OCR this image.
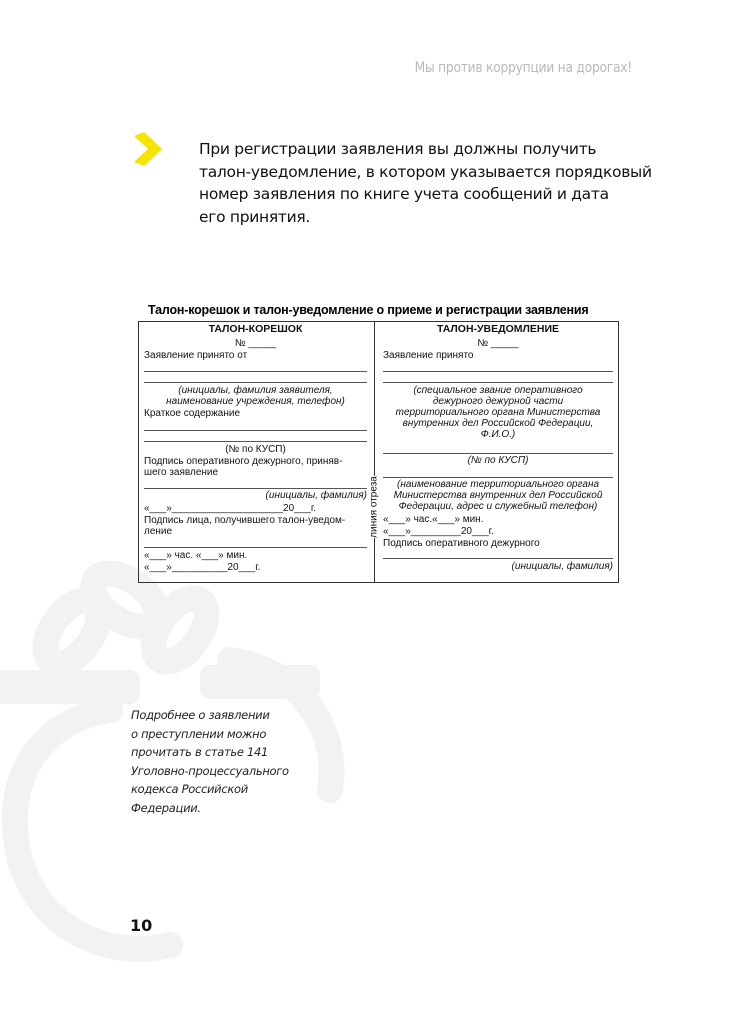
Мы против коррупции на дорогах!

При регистрации заявления вы должны получить
талон-уведомление, в котором указывается порядковый
номер заявления по книге учета сообщений и дата
его принятия.

Талон-корешок и талон-уведомление о приеме и регистрации заявления
линия отреза
ТАЛОН-КОРЕШОК
№ _____
Заявление принято от
(инициалы, фамилия заявителя,
наименование учреждения, телефон)
Краткое содержание
(№ по КУСП)
Подпись оперативного дежурного, приняв-
шего заявление
(инициалы, фамилия)
«___»____________________20___г.
Подпись лица, получившего талон-уведом-
ление
«___» час. «___» мин.
«___»__________20___г.
ТАЛОН-УВЕДОМЛЕНИЕ
№ _____
Заявление принято
(специальное звание оперативного
дежурного дежурной части
территориального органа Министерства
внутренних дел Российской Федерации,
Ф.И.О.)
(№ по КУСП)
(наименование территориального органа
Министерства внутренних дел Российской
Федерации, адрес и служебный телефон)
«___» час.«___» мин.
«___»_________20___г.
Подпись оперативного дежурного
(инициалы, фамилия)

Подробнее о заявлении
о преступлении можно
прочитать в статье 141
Уголовно-процессуального
кодекса Российской
Федерации.

10
